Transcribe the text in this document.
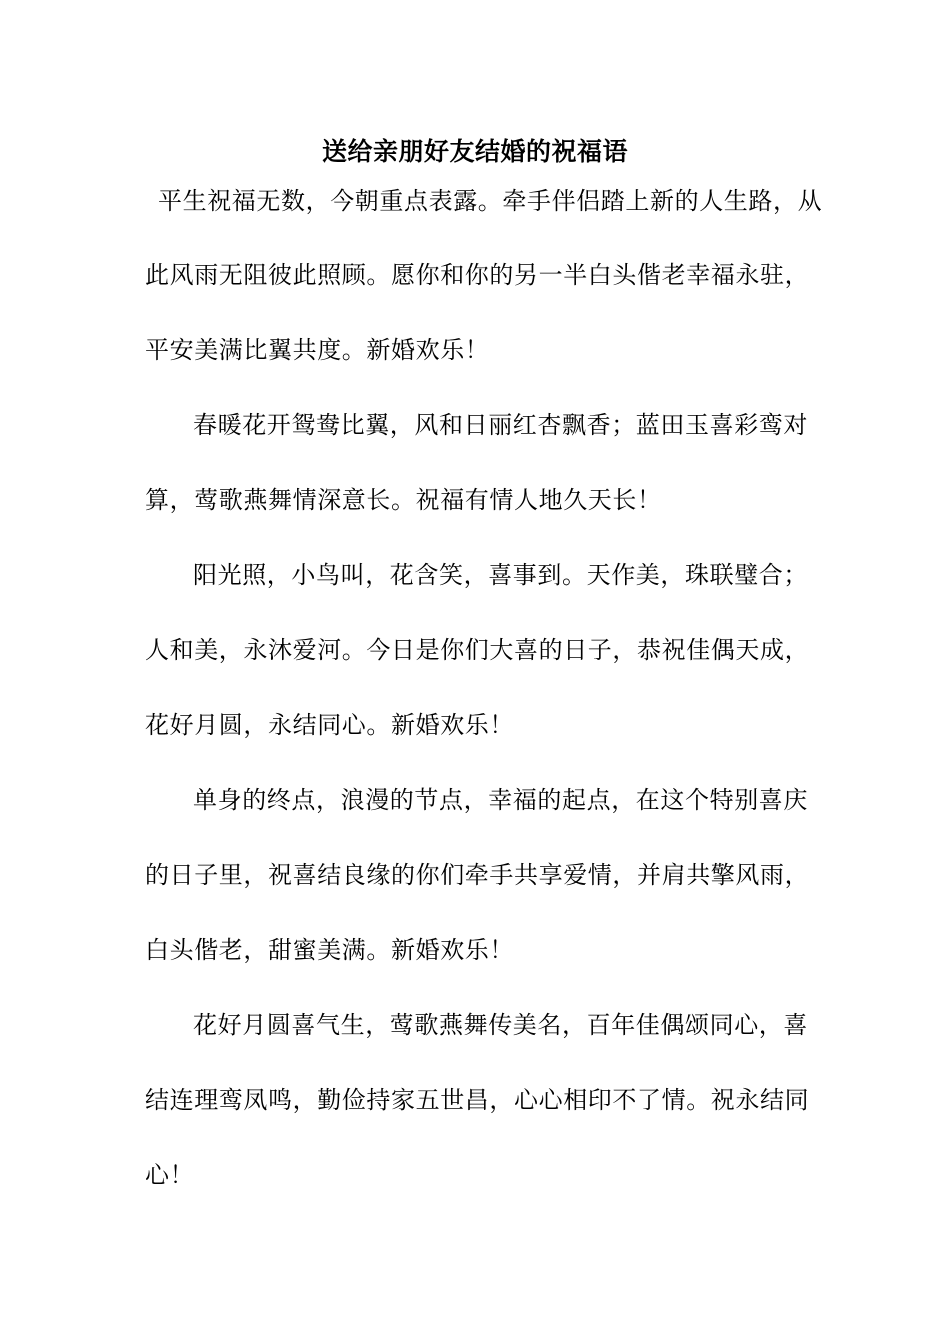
送给亲朋好友结婚的祝福语
平生祝福无数，今朝重点表露。牵手伴侣踏上新的人生路，从
此风雨无阻彼此照顾。愿你和你的另一半白头偕老幸福永驻，
平安美满比翼共度。新婚欢乐！
春暖花开鸳鸯比翼，风和日丽红杏飘香；蓝田玉喜彩鸾对
算，莺歌燕舞情深意长。祝福有情人地久天长！
阳光照，小鸟叫，花含笑，喜事到。天作美，珠联璧合；
人和美，永沐爱河。今日是你们大喜的日子，恭祝佳偶天成，
花好月圆，永结同心。新婚欢乐！
单身的终点，浪漫的节点，幸福的起点，在这个特别喜庆
的日子里，祝喜结良缘的你们牵手共享爱情，并肩共擎风雨，
白头偕老，甜蜜美满。新婚欢乐！
花好月圆喜气生，莺歌燕舞传美名，百年佳偶颂同心，喜
结连理鸾凤鸣，勤俭持家五世昌，心心相印不了情。祝永结同
心！
